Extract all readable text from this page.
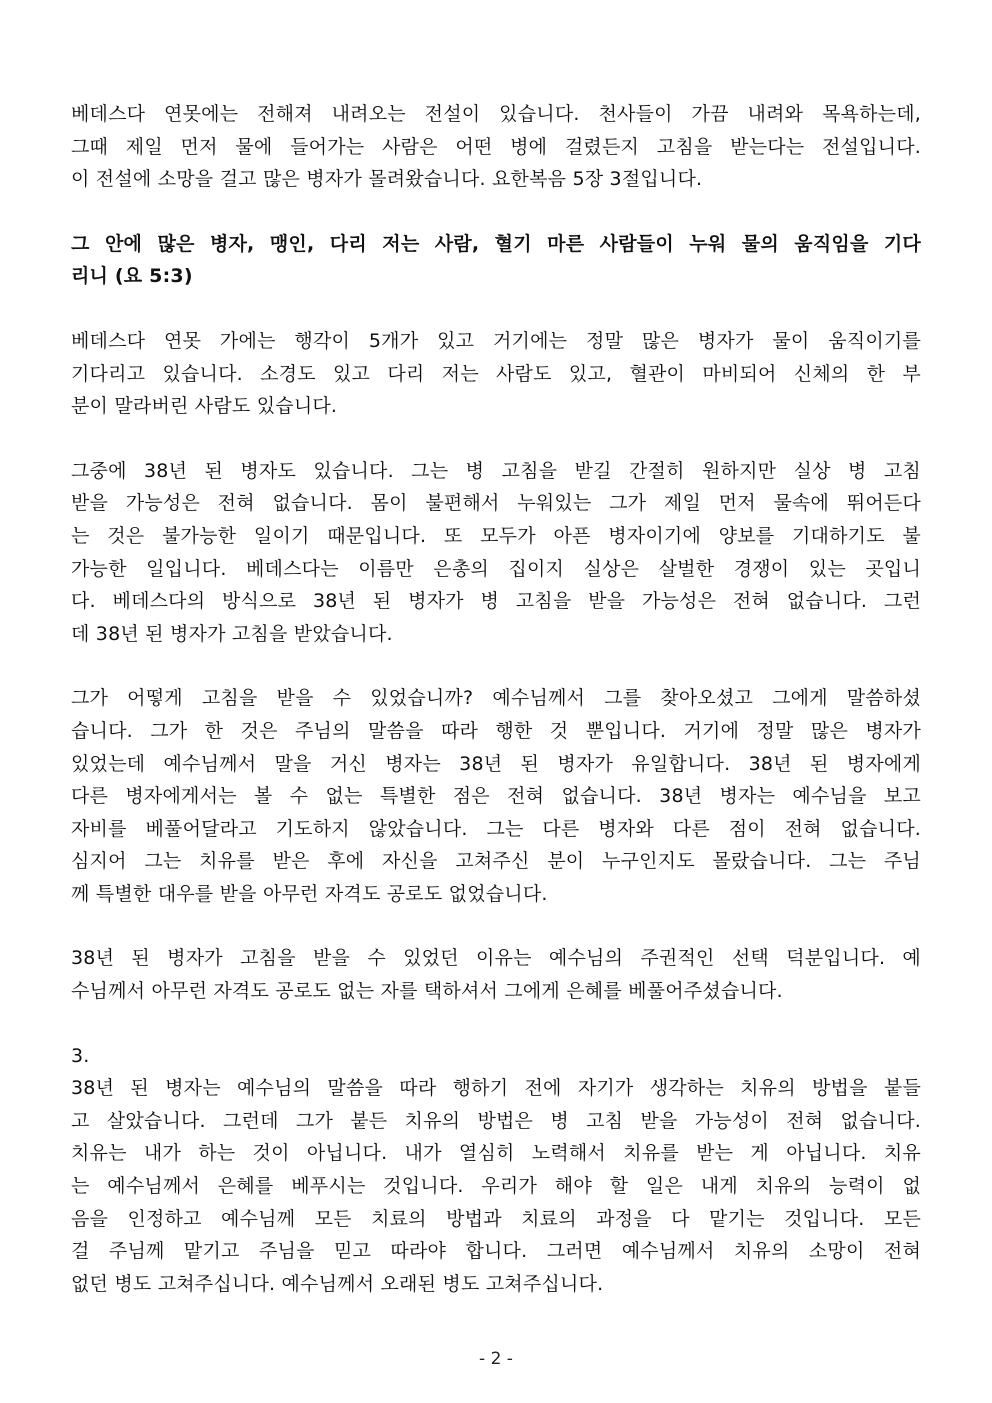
베데스다 연못에는 전해져 내려오는 전설이 있습니다. 천사들이 가끔 내려와 목욕하는데,
그때 제일 먼저 물에 들어가는 사람은 어떤 병에 걸렸든지 고침을 받는다는 전설입니다.
이 전설에 소망을 걸고 많은 병자가 몰려왔습니다. 요한복음 5장 3절입니다.
그 안에 많은 병자, 맹인, 다리 저는 사람, 혈기 마른 사람들이 누워 물의 움직임을 기다
리니 (요 5:3)
베데스다 연못 가에는 행각이 5개가 있고 거기에는 정말 많은 병자가 물이 움직이기를
기다리고 있습니다. 소경도 있고 다리 저는 사람도 있고, 혈관이 마비되어 신체의 한 부
분이 말라버린 사람도 있습니다.
그중에 38년 된 병자도 있습니다. 그는 병 고침을 받길 간절히 원하지만 실상 병 고침
받을 가능성은 전혀 없습니다. 몸이 불편해서 누워있는 그가 제일 먼저 물속에 뛰어든다
는 것은 불가능한 일이기 때문입니다. 또 모두가 아픈 병자이기에 양보를 기대하기도 불
가능한 일입니다. 베데스다는 이름만 은총의 집이지 실상은 살벌한 경쟁이 있는 곳입니
다. 베데스다의 방식으로 38년 된 병자가 병 고침을 받을 가능성은 전혀 없습니다. 그런
데 38년 된 병자가 고침을 받았습니다.
그가 어떻게 고침을 받을 수 있었습니까? 예수님께서 그를 찾아오셨고 그에게 말씀하셨
습니다. 그가 한 것은 주님의 말씀을 따라 행한 것 뿐입니다. 거기에 정말 많은 병자가
있었는데 예수님께서 말을 거신 병자는 38년 된 병자가 유일합니다. 38년 된 병자에게
다른 병자에게서는 볼 수 없는 특별한 점은 전혀 없습니다. 38년 병자는 예수님을 보고
자비를 베풀어달라고 기도하지 않았습니다. 그는 다른 병자와 다른 점이 전혀 없습니다.
심지어 그는 치유를 받은 후에 자신을 고쳐주신 분이 누구인지도 몰랐습니다. 그는 주님
께 특별한 대우를 받을 아무런 자격도 공로도 없었습니다.
38년 된 병자가 고침을 받을 수 있었던 이유는 예수님의 주권적인 선택 덕분입니다. 예
수님께서 아무런 자격도 공로도 없는 자를 택하셔서 그에게 은혜를 베풀어주셨습니다.
3.
38년 된 병자는 예수님의 말씀을 따라 행하기 전에 자기가 생각하는 치유의 방법을 붙들
고 살았습니다. 그런데 그가 붙든 치유의 방법은 병 고침 받을 가능성이 전혀 없습니다.
치유는 내가 하는 것이 아닙니다. 내가 열심히 노력해서 치유를 받는 게 아닙니다. 치유
는 예수님께서 은혜를 베푸시는 것입니다. 우리가 해야 할 일은 내게 치유의 능력이 없
음을 인정하고 예수님께 모든 치료의 방법과 치료의 과정을 다 맡기는 것입니다. 모든
걸 주님께 맡기고 주님을 믿고 따라야 합니다. 그러면 예수님께서 치유의 소망이 전혀
없던 병도 고쳐주십니다. 예수님께서 오래된 병도 고쳐주십니다.
- 2 -
